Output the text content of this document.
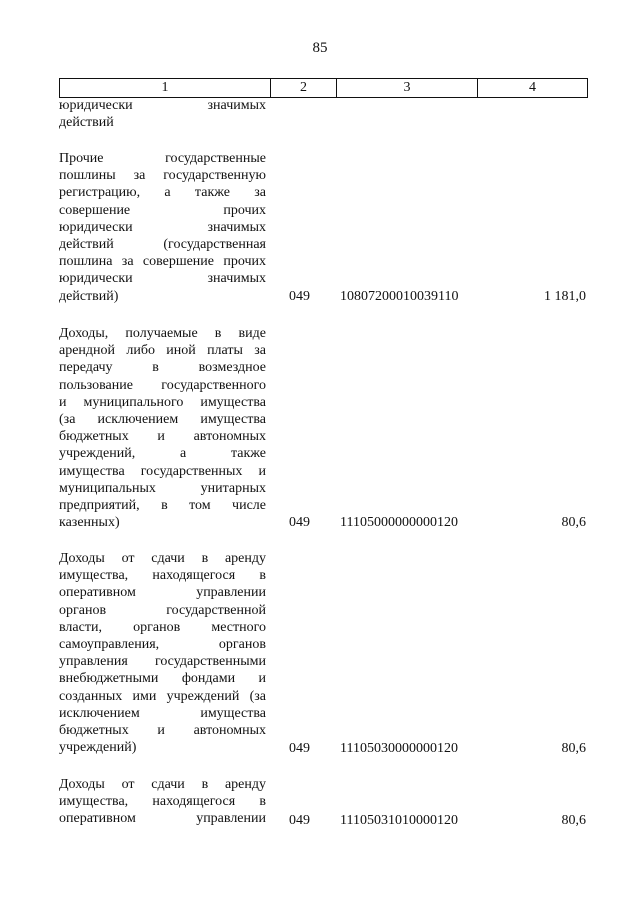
85
1	2	3	4
юридически значимых
действий
Прочие государственные
пошлины за государственную
регистрацию, а также за
совершение прочих
юридически значимых
действий (государственная
пошлина за совершение прочих
юридически значимых
действий)	049	10807200010039110	1 181,0
Доходы, получаемые в виде
арендной либо иной платы за
передачу в возмездное
пользование государственного
и муниципального имущества
(за исключением имущества
бюджетных и автономных
учреждений, а также
имущества государственных и
муниципальных унитарных
предприятий, в том числе
казенных)	049	11105000000000120	80,6
Доходы от сдачи в аренду
имущества, находящегося в
оперативном управлении
органов государственной
власти, органов местного
самоуправления, органов
управления государственными
внебюджетными фондами и
созданных ими учреждений (за
исключением имущества
бюджетных и автономных
учреждений)	049	11105030000000120	80,6
Доходы от сдачи в аренду
имущества, находящегося в
оперативном управлении 049	11105031010000120	80,6
